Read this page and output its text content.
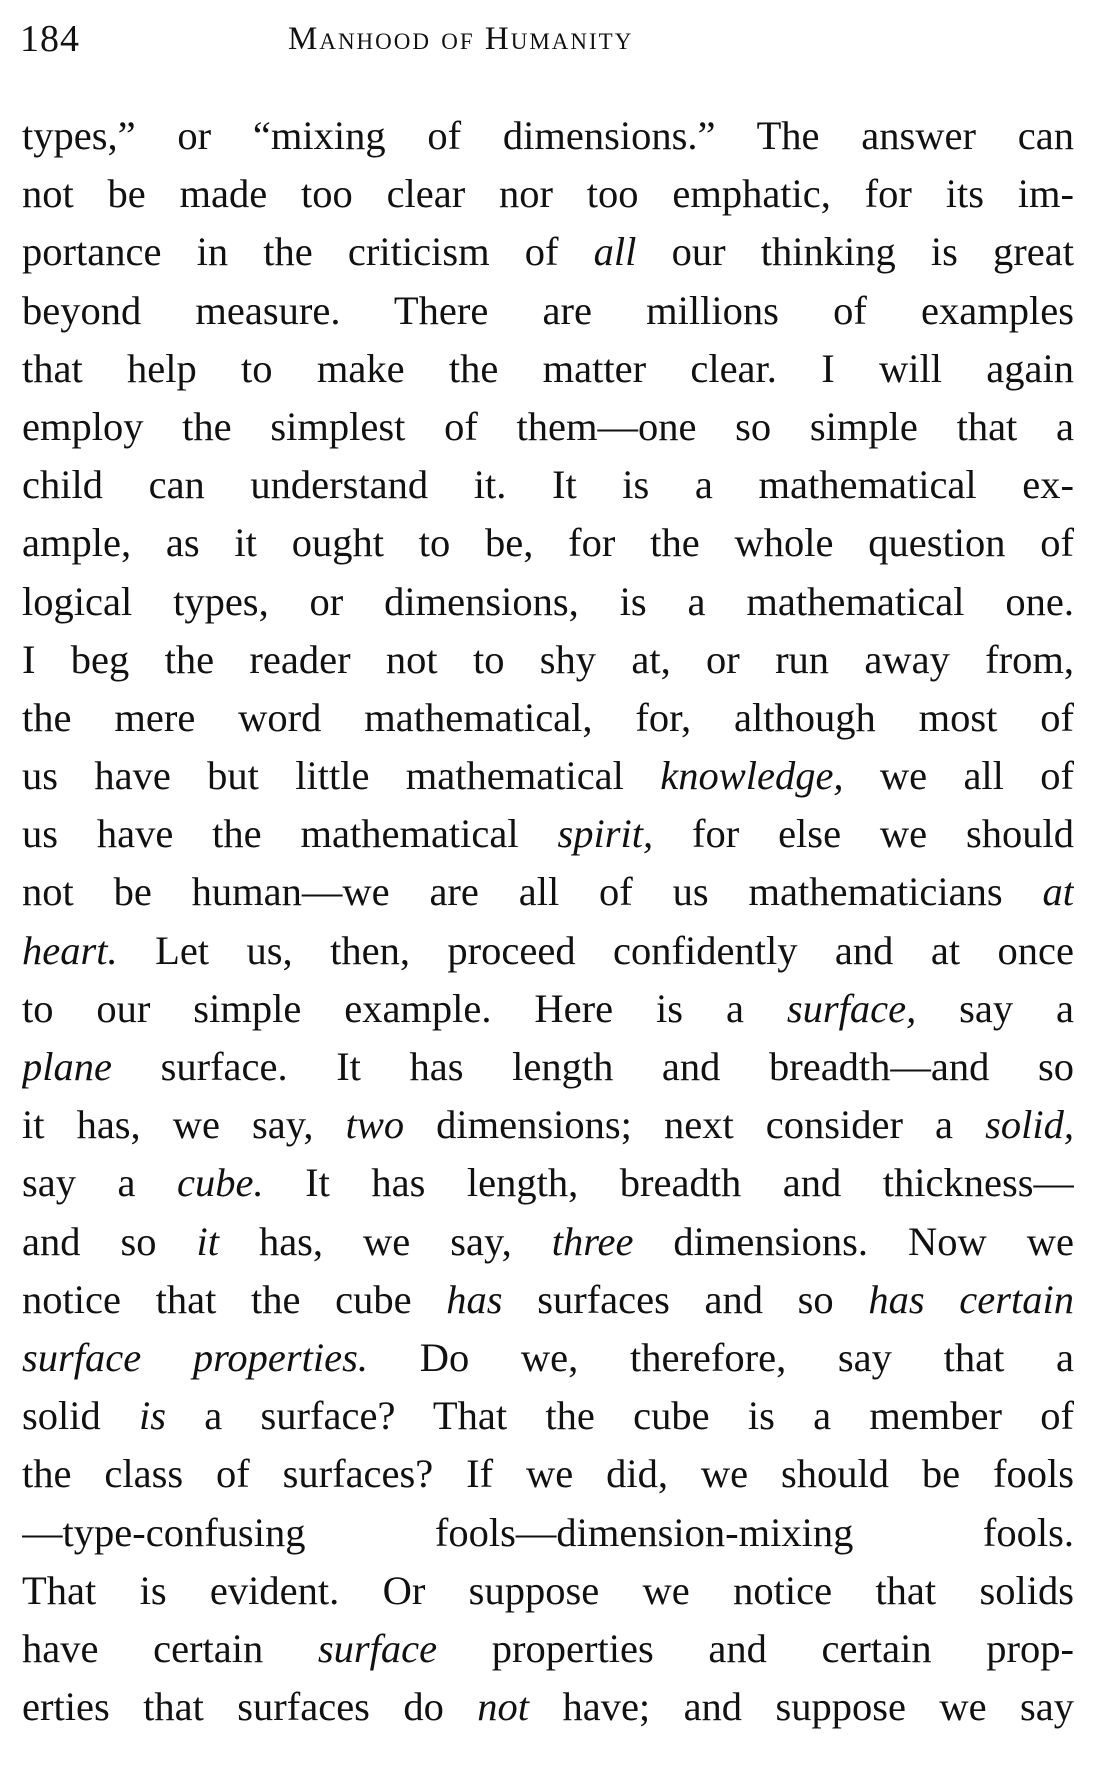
184	Manhood of Humanity
types,” or “mixing of dimensions.” The answer can
not be made too clear nor too emphatic, for its im-
portance in the criticism of all our thinking is great
beyond measure. There are millions of examples
that help to make the matter clear. I will again
employ the simplest of them—one so simple that a
child can understand it. It is a mathematical ex-
ample, as it ought to be, for the whole question of
logical types, or dimensions, is a mathematical one.
I beg the reader not to shy at, or run away from,
the mere word mathematical, for, although most of
us have but little mathematical knowledge, we all of
us have the mathematical spirit, for else we should
not be human—we are all of us mathematicians at
heart. Let us, then, proceed confidently and at once
to our simple example. Here is a surface, say a
plane surface. It has length and breadth—and so
it has, we say, two dimensions; next consider a solid,
say a cube. It has length, breadth and thickness—
and so it has, we say, three dimensions. Now we
notice that the cube has surfaces and so has certain
surface properties. Do we, therefore, say that a
solid is a surface? That the cube is a member of
the class of surfaces? If we did, we should be fools
—type-confusing fools—dimension-mixing fools.
That is evident. Or suppose we notice that solids
have certain surface properties and certain prop-
erties that surfaces do not have; and suppose we say
